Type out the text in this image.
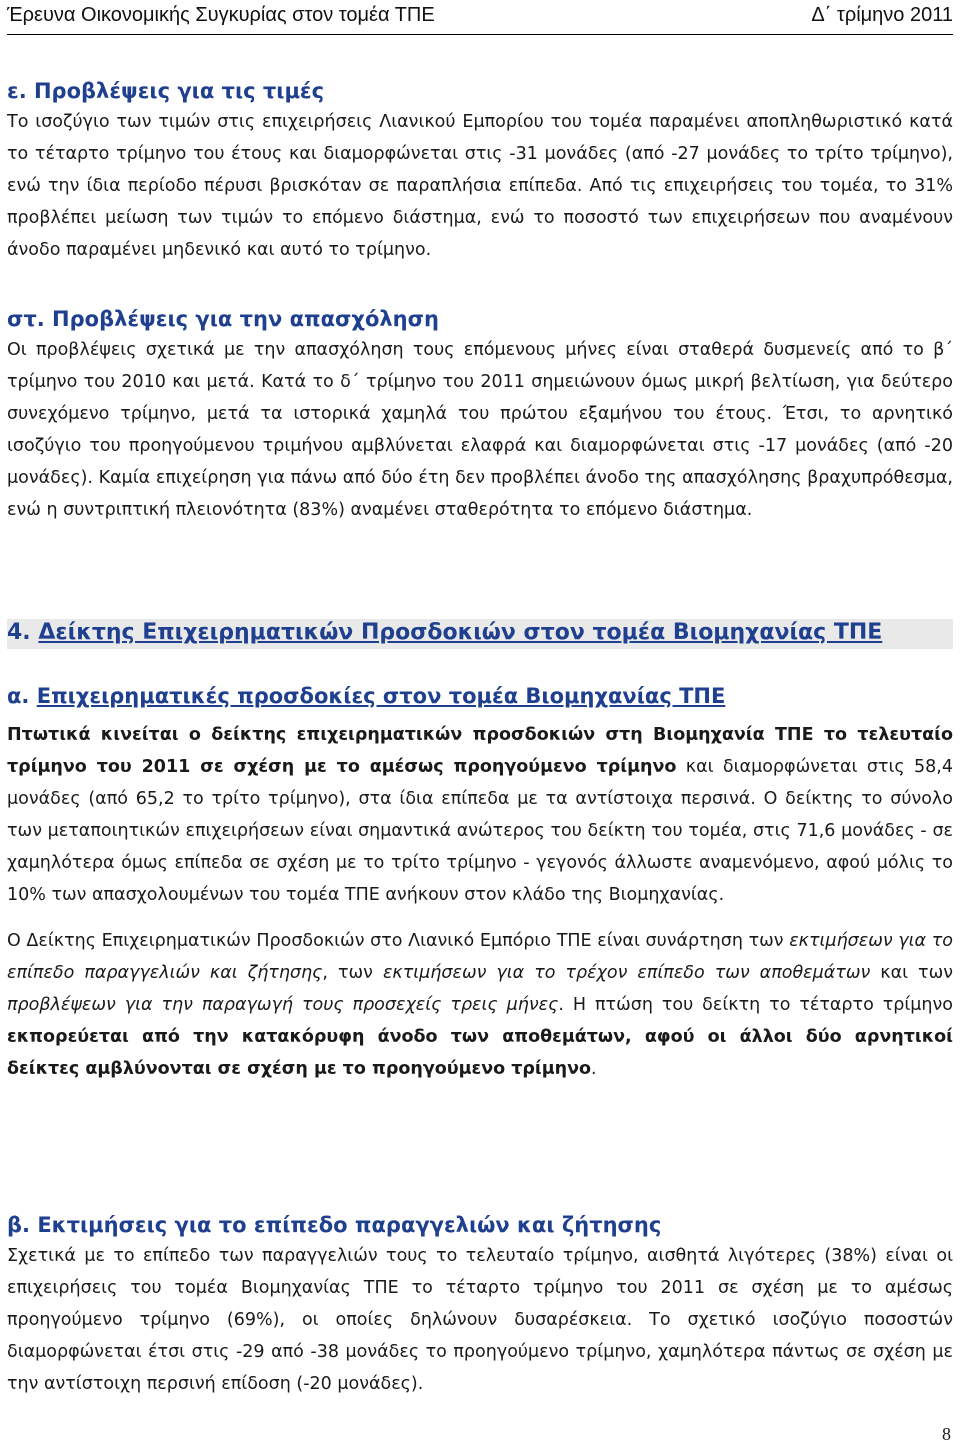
Έρευνα Οικονομικής Συγκυρίας στον τομέα ΤΠΕ	Δ΄ τρίμηνο 2011
ε. Προβλέψεις για τις τιμές

Το ισοζύγιο των τιμών στις επιχειρήσεις Λιανικού Εμπορίου του τομέα παραμένει αποπληθωριστικό κατά το τέταρτο τρίμηνο του έτους και διαμορφώνεται στις -31 μονάδες (από -27 μονάδες το τρίτο τρίμηνο), ενώ την ίδια περίοδο πέρυσι βρισκόταν σε παραπλήσια επίπεδα. Από τις επιχειρήσεις του τομέα, το 31% προβλέπει μείωση των τιμών το επόμενο διάστημα, ενώ το ποσοστό των επιχειρήσεων που αναμένουν άνοδο παραμένει μηδενικό και αυτό το τρίμηνο.

στ. Προβλέψεις για την απασχόληση

Οι προβλέψεις σχετικά με την απασχόληση τους επόμενους μήνες είναι σταθερά δυσμενείς από το β΄ τρίμηνο του 2010 και μετά. Κατά το δ΄ τρίμηνο του 2011 σημειώνουν όμως μικρή βελτίωση, για δεύτερο συνεχόμενο τρίμηνο, μετά τα ιστορικά χαμηλά του πρώτου εξαμήνου του έτους. Έτσι, το αρνητικό ισοζύγιο του προηγούμενου τριμήνου αμβλύνεται ελαφρά και διαμορφώνεται στις -17 μονάδες (από -20 μονάδες). Καμία επιχείρηση για πάνω από δύο έτη δεν προβλέπει άνοδο της απασχόλησης βραχυπρόθεσμα, ενώ η συντριπτική πλειονότητα (83%) αναμένει σταθερότητα το επόμενο διάστημα.

4. Δείκτης Επιχειρηματικών Προσδοκιών στον τομέα Βιομηχανίας ΤΠΕ
α. Επιχειρηματικές προσδοκίες στον τομέα Βιομηχανίας ΤΠΕ

Πτωτικά κινείται ο δείκτης επιχειρηματικών προσδοκιών στη Βιομηχανία ΤΠΕ το τελευταίο τρίμηνο του 2011 σε σχέση με το αμέσως προηγούμενο τρίμηνο και διαμορφώνεται στις 58,4 μονάδες (από 65,2 το τρίτο τρίμηνο), στα ίδια επίπεδα με τα αντίστοιχα περσινά. Ο δείκτης το σύνολο των μεταποιητικών επιχειρήσεων είναι σημαντικά ανώτερος του δείκτη του τομέα, στις 71,6 μονάδες - σε χαμηλότερα όμως επίπεδα σε σχέση με το τρίτο τρίμηνο - γεγονός άλλωστε αναμενόμενο, αφού μόλις το 10% των απασχολουμένων του τομέα ΤΠΕ ανήκουν στον κλάδο της Βιομηχανίας.

Ο Δείκτης Επιχειρηματικών Προσδοκιών στο Λιανικό Εμπόριο ΤΠΕ είναι συνάρτηση των εκτιμήσεων για το επίπεδο παραγγελιών και ζήτησης, των εκτιμήσεων για το τρέχον επίπεδο των αποθεμάτων και των προβλέψεων για την παραγωγή τους προσεχείς τρεις μήνες. Η πτώση του δείκτη το τέταρτο τρίμηνο εκπορεύεται από την κατακόρυφη άνοδο των αποθεμάτων, αφού οι άλλοι δύο αρνητικοί δείκτες αμβλύνονται σε σχέση με το προηγούμενο τρίμηνο.

β. Εκτιμήσεις για το επίπεδο παραγγελιών και ζήτησης

Σχετικά με το επίπεδο των παραγγελιών τους το τελευταίο τρίμηνο, αισθητά λιγότερες (38%) είναι οι επιχειρήσεις του τομέα Βιομηχανίας ΤΠΕ το τέταρτο τρίμηνο του 2011 σε σχέση με το αμέσως προηγούμενο τρίμηνο (69%), οι οποίες δηλώνουν δυσαρέσκεια. Το σχετικό ισοζύγιο ποσοστών διαμορφώνεται έτσι στις -29 από -38 μονάδες το προηγούμενο τρίμηνο, χαμηλότερα πάντως σε σχέση με την αντίστοιχη περσινή επίδοση (-20 μονάδες).

8
